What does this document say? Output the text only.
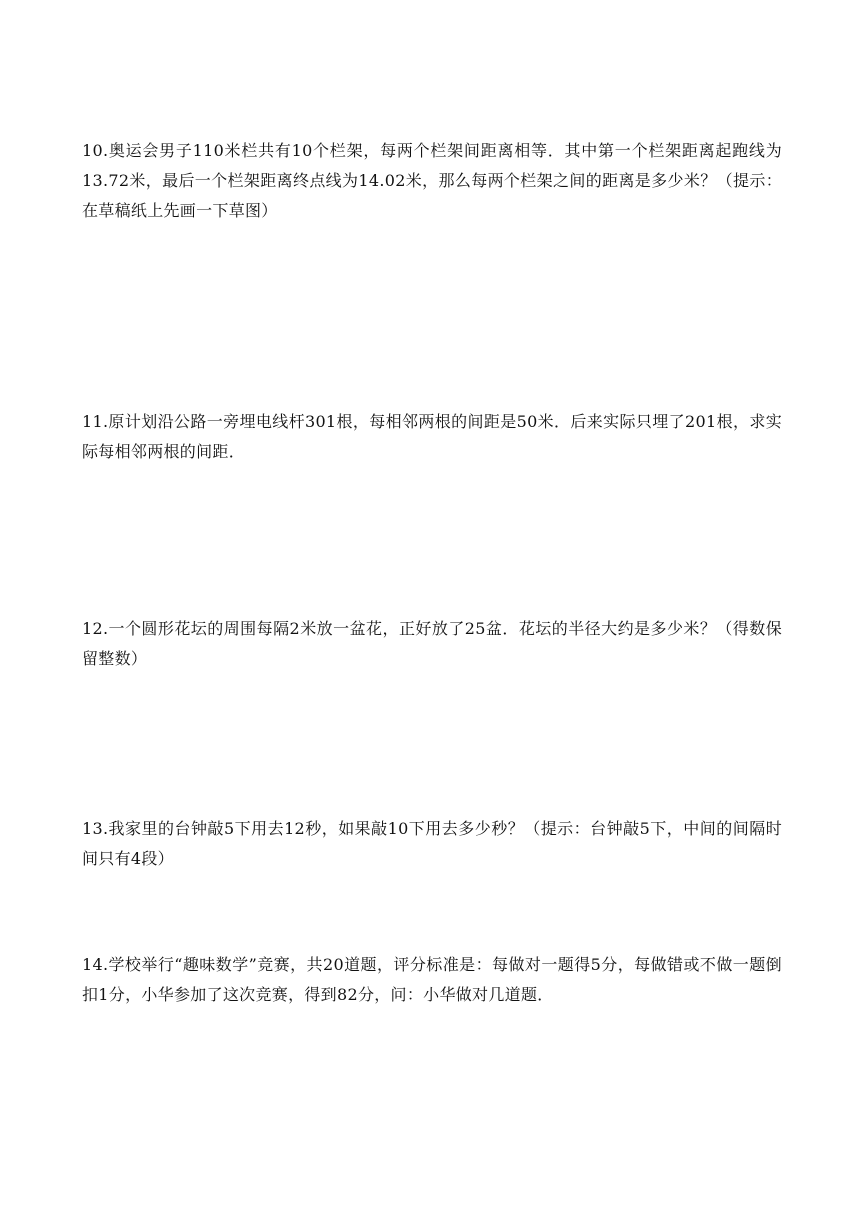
10.奥运会男子110米栏共有10个栏架，每两个栏架间距离相等．其中第一个栏架距离起跑线为13.72米，最后一个栏架距离终点线为14.02米，那么每两个栏架之间的距离是多少米？（提示：在草稿纸上先画一下草图）

11.原计划沿公路一旁埋电线杆301根，每相邻两根的间距是50米．后来实际只埋了201根，求实际每相邻两根的间距．

12.一个圆形花坛的周围每隔2米放一盆花，正好放了25盆．花坛的半径大约是多少米？（得数保留整数）

13.我家里的台钟敲5下用去12秒，如果敲10下用去多少秒？（提示：台钟敲5下，中间的间隔时间只有4段）

14.学校举行“趣味数学”竞赛，共20道题，评分标准是：每做对一题得5分，每做错或不做一题倒扣1分，小华参加了这次竞赛，得到82分，问：小华做对几道题．
